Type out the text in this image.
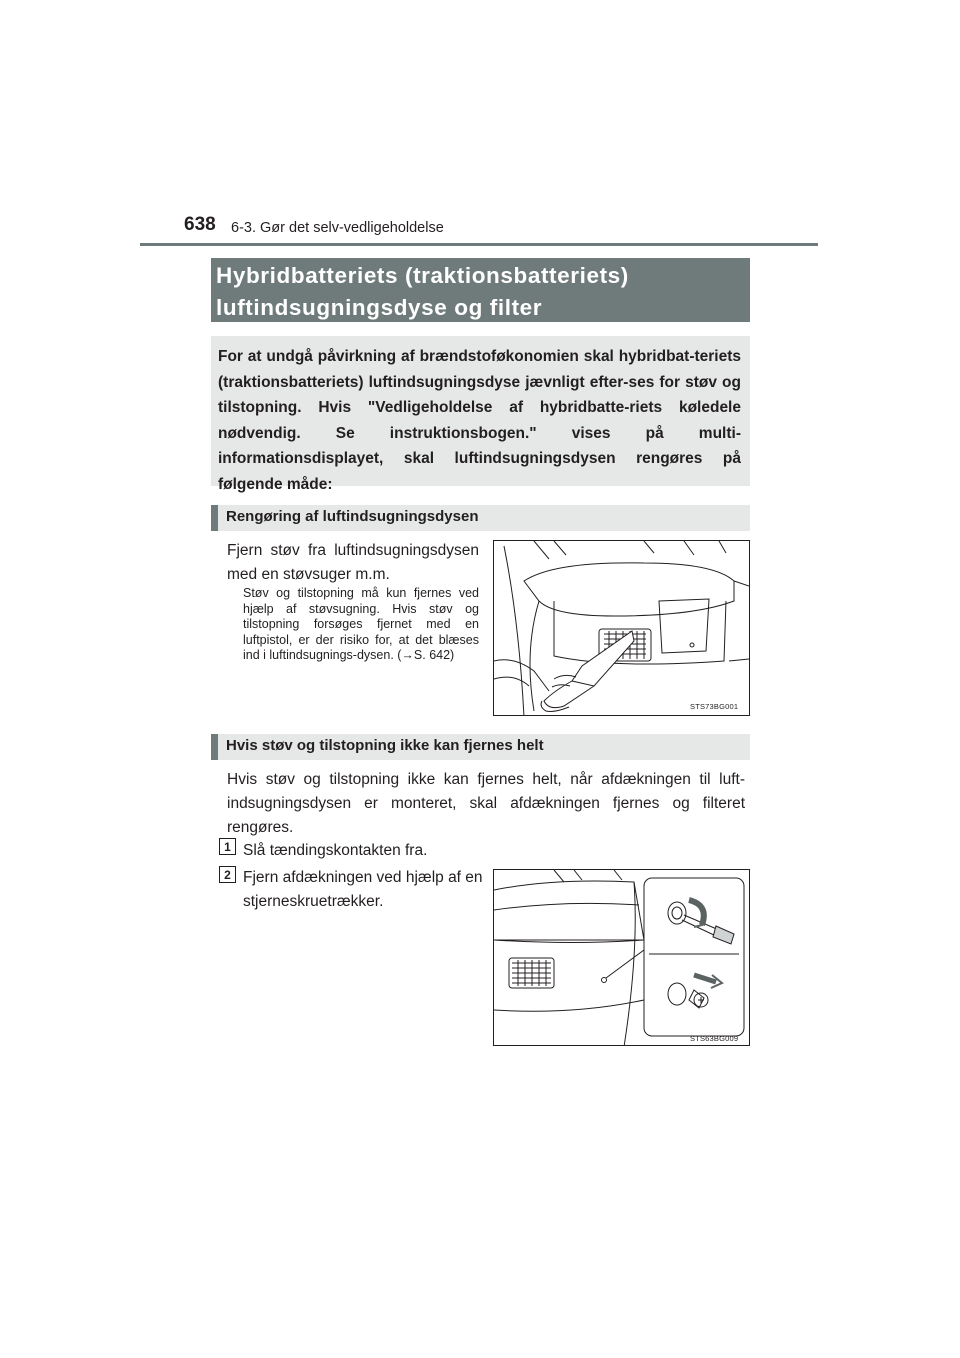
638 6-3. Gør det selv-vedligeholdelse
Hybridbatteriets (traktionsbatteriets) luftindsugningsdyse og filter
For at undgå påvirkning af brændstoføkonomien skal hybridbat-teriets (traktionsbatteriets) luftindsugningsdyse jævnligt efter-ses for støv og tilstopning. Hvis "Vedligeholdelse af hybridbatte-riets køledele nødvendig. Se instruktionsbogen." vises på multi-informationsdisplayet, skal luftindsugningsdysen rengøres på følgende måde:
Rengøring af luftindsugningsdysen
Fjern støv fra luftindsugningsdysen med en støvsuger m.m.
Støv og tilstopning må kun fjernes ved hjælp af støvsugning. Hvis støv og tilstopning forsøges fjernet med en luftpistol, er der risiko for, at det blæses ind i luftindsugnings-dysen. (→S. 642)
STS73BG001
Hvis støv og tilstopning ikke kan fjernes helt
Hvis støv og tilstopning ikke kan fjernes helt, når afdækningen til luft-indsugningsdysen er monteret, skal afdækningen fjernes og filteret rengøres.
1 Slå tændingskontakten fra.
2 Fjern afdækningen ved hjælp af en stjerneskruetrækker.
STS63BG009
